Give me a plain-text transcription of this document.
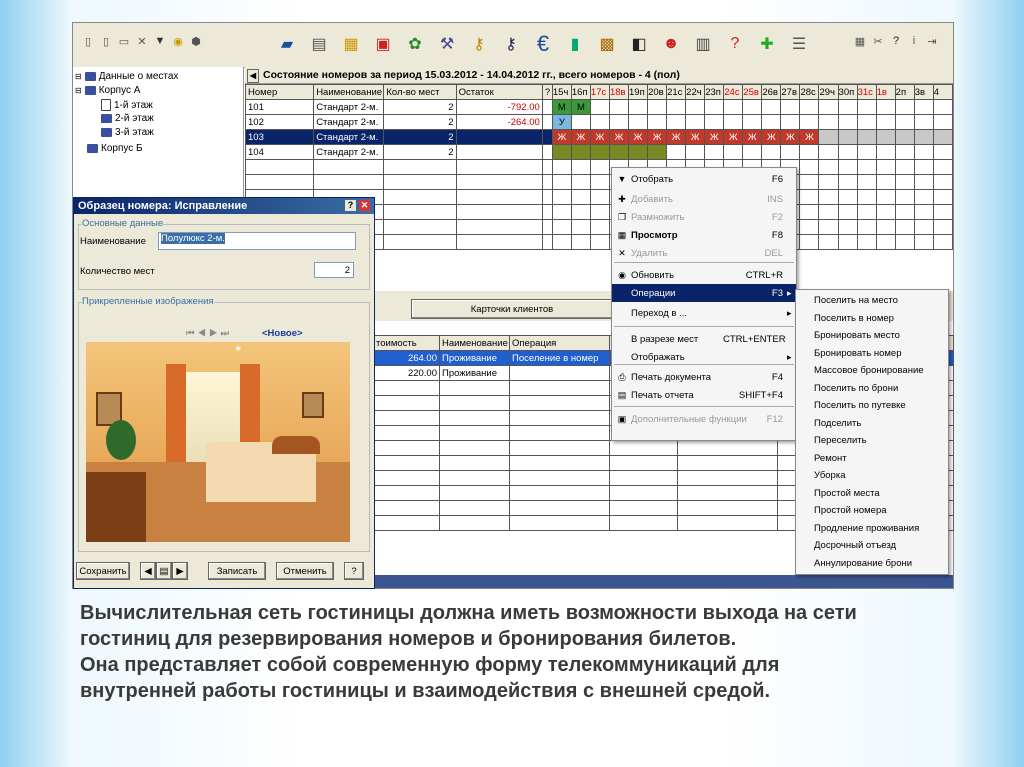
▯	▯ ▭ ✕ ▼ ◉ ⬢	▰	▤	▦	▣	✿	⚒	⚷	⚷ €	▮	▩	◧	☻	▥	?	✚	☰	▦ ✂ ?	i	⇥
⊟ Данные о местах
⊟ Корпус А
1-й этаж
2-й этаж
3-й этаж
Корпус Б
◀ Состояние номеров за период 15.03.2012 - 14.04.2012 гг., всего номеров - 4 (пол)
Номер	Наименование	Кол-во мест	Остаток	?	15ч	16п	17с	18в	19п	20в	21с	22ч	23п	24с	25в	26в	27в	28с	29ч	30п	31с	1в	2п	3в	4
101	Стандарт 2-м.	2	-792.00		М	М																			
102	Стандарт 2-м.	2	-264.00		У																				
103	Стандарт 2-м.	2			Ж	Ж	Ж	Ж	Ж	Ж	Ж	Ж	Ж	Ж	Ж	Ж	Ж	Ж							
104	Стандарт 2-м.	2																							

Карточки клиентов
тоимость	Наименование	Операция			
264.00	Проживание	Поселение в номер			
220.00	Проживание				

Образец номера: Исправление	? ✕
Основные данные
Наименование	Полулюкс 2-м.
Количество мест	2
Прикрепленные изображения
⏮◀▶⏭	<Новое>
✶
Сохранить	◀ ▤ ▶	Записать	Отменить	?
▼ Отобрать	F6
✚ Добавить	INS
❐ Размножить	F2
▦ Просмотр	F8
✕ Удалить	DEL
◉ Обновить	CTRL+R
Операции	F3 ▸
Переход в ...	▸
В разрезе мест	CTRL+ENTER
Отображать	▸
⎙ Печать документа	F4
▤ Печать отчета	SHIFT+F4
▣ Дополнительные функции	F12
Поселить на место
Поселить в номер
Бронировать место
Бронировать номер
Массовое бронирование
Поселить по брони
Поселить по путевке
Подселить
Переселить
Ремонт
Уборка
Простой места
Простой номера
Продление проживания
Досрочный отъезд
Аннулирование брони

Вычислительная сеть гостиницы должна иметь возможности выхода на сети

гостиниц для резервирования номеров и бронирования билетов.

Она представляет собой современную форму телекоммуникаций для

внутренней работы гостиницы и взаимодействия с внешней средой.
